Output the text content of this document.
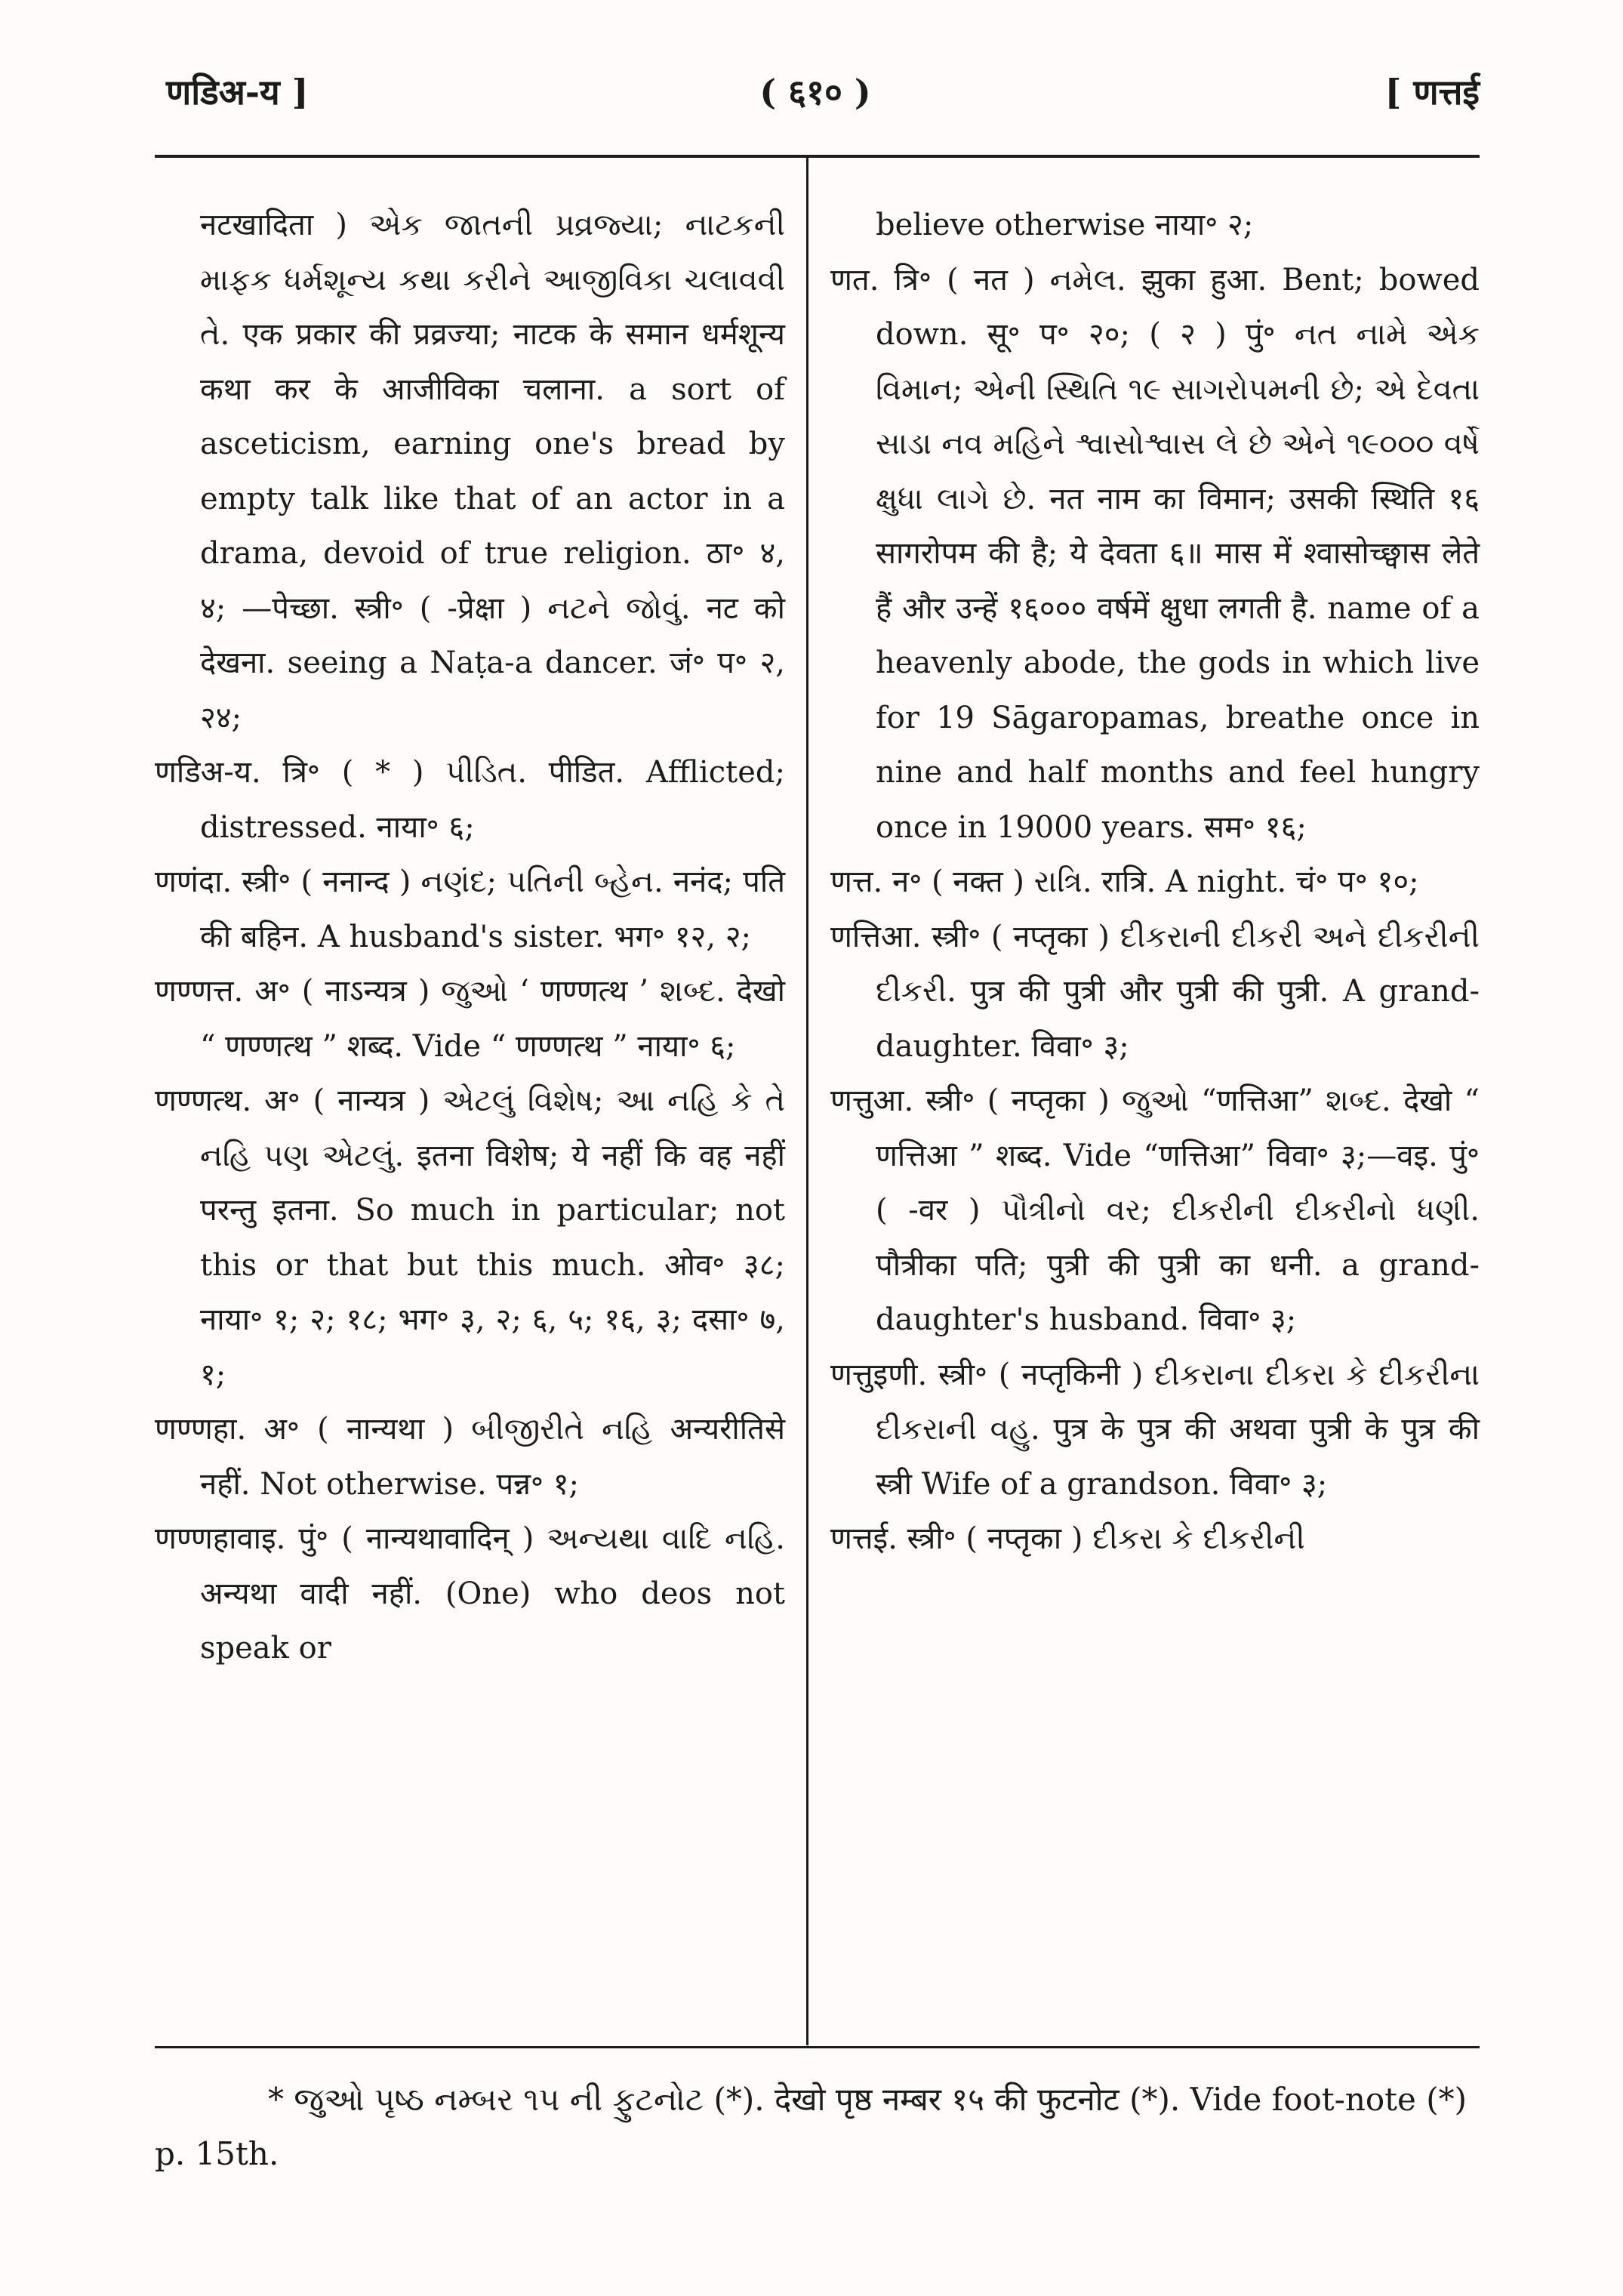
णडिअ-य ]	( ६१० )	[ णत्तई

नटखादिता ) એક જાતની પ્રવ્રજ્યા; નાટકની માફક ધર્મશૂન્ય કથા કરીને આજીવિકા ચલાવવી તે. एक प्रकार की प्रव्रज्या; नाटक के समान धर्मशून्य कथा कर के आजीविका चलाना. a sort of asceticism, earning one's bread by empty talk like that of an actor in a drama, devoid of true religion. ठा॰ ४, ४; —पेच्छा. स्त्री॰ ( -प्रेक्षा ) નટને જોવું. नट को देखना. seeing a Naṭa-a dancer. जं॰ प॰ २, २४;

णडिअ-य. त्रि॰ ( * ) પીડિત. पीडित. Afflicted; distressed. नाया॰ ६;

णणंदा. स्त्री॰ ( ननान्द ) નણંદ; પતિની બ્હેન. ननंद; पति की बहिन. A husband's sister. भग॰ १२, २;

णण्णत्त. अ॰ ( नाऽन्यत्र ) જુઓ ‘ णण्णत्थ ’ શબ્દ. देखो “ णण्णत्थ ” शब्द. Vide “ णण्णत्थ ” नाया॰ ६;

णण्णत्थ. अ॰ ( नान्यत्र ) એટલું વિશેષ; આ નહિ કે તે નહિ પણ એટલું. इतना विशेष; ये नहीं कि वह नहीं परन्तु इतना. So much in particular; not this or that but this much. ओव॰ ३८; नाया॰ १; २; १८; भग॰ ३, २; ६, ५; १६, ३; दसा॰ ७, १;

णण्णहा. अ॰ ( नान्यथा ) બીજીરીતે નહિ अन्यरीतिसे नहीं. Not otherwise. पन्न॰ १;

णण्णहावाइ. पुं॰ ( नान्यथावादिन् ) અન્યથા વાદિ નહિ. अन्यथा वादी नहीं. (One) who deos not speak or

believe otherwise नाया॰ २;

णत. त्रि॰ ( नत ) નમેલ. झुका हुआ. Bent; bowed down. सू॰ प॰ २०; ( २ ) पुं॰ નત નામે એક વિમાન; એની સ્થિતિ ૧૯ સાગરોપમની છે; એ દેવતા સાડા નવ મહિને શ્વાસોશ્વાસ લે છે એને ૧૯૦૦૦ વર્ષે ક્ષુધા લાગે છે. नत नाम का विमान; उसकी स्थिति १६ सागरोपम की है; ये देवता ६॥ मास में श्वासोच्छ्वास लेते हैं और उन्हें १६००० वर्षमें क्षुधा लगती है. name of a heavenly abode, the gods in which live for 19 Sāgaropamas, breathe once in nine and half months and feel hungry once in 19000 years. सम॰ १६;

णत्त. न॰ ( नक्त ) રાત્રિ. रात्रि. A night. चं॰ प॰ १०;

णत्तिआ. स्त्री॰ ( नप्तृका ) દીકરાની દીકરી અને દીકરીની દીકરી. पुत्र की पुत्री और पुत्री की पुत्री. A grand-daughter. विवा॰ ३;

णत्तुआ. स्त्री॰ ( नप्तृका ) જુઓ “णत्तिआ” શબ્દ. देखो “ णत्तिआ ” शब्द. Vide “णत्तिआ” विवा॰ ३;—वइ. पुं॰ ( -वर ) પૌત્રીનો વર; દીકરીની દીકરીનો ધણી. पौत्रीका पति; पुत्री की पुत्री का धनी. a grand-daughter's husband. विवा॰ ३;

णत्तुइणी. स्त्री॰ ( नप्तृकिनी ) દીકરાના દીકરા કે દીકરીના દીકરાની વહુ. पुत्र के पुत्र की अथवा पुत्री के पुत्र की स्त्री Wife of a grandson. विवा॰ ३;

णत्तई. स्त्री॰ ( नप्तृका ) દીકરા કે દીકરીની

* જુઓ પૃષ્ઠ નમ્બર ૧૫ ની ફુટનોટ (*). देखो पृष्ठ नम्बर १५ की फुटनोट (*). Vide foot-note (*) p. 15th.
